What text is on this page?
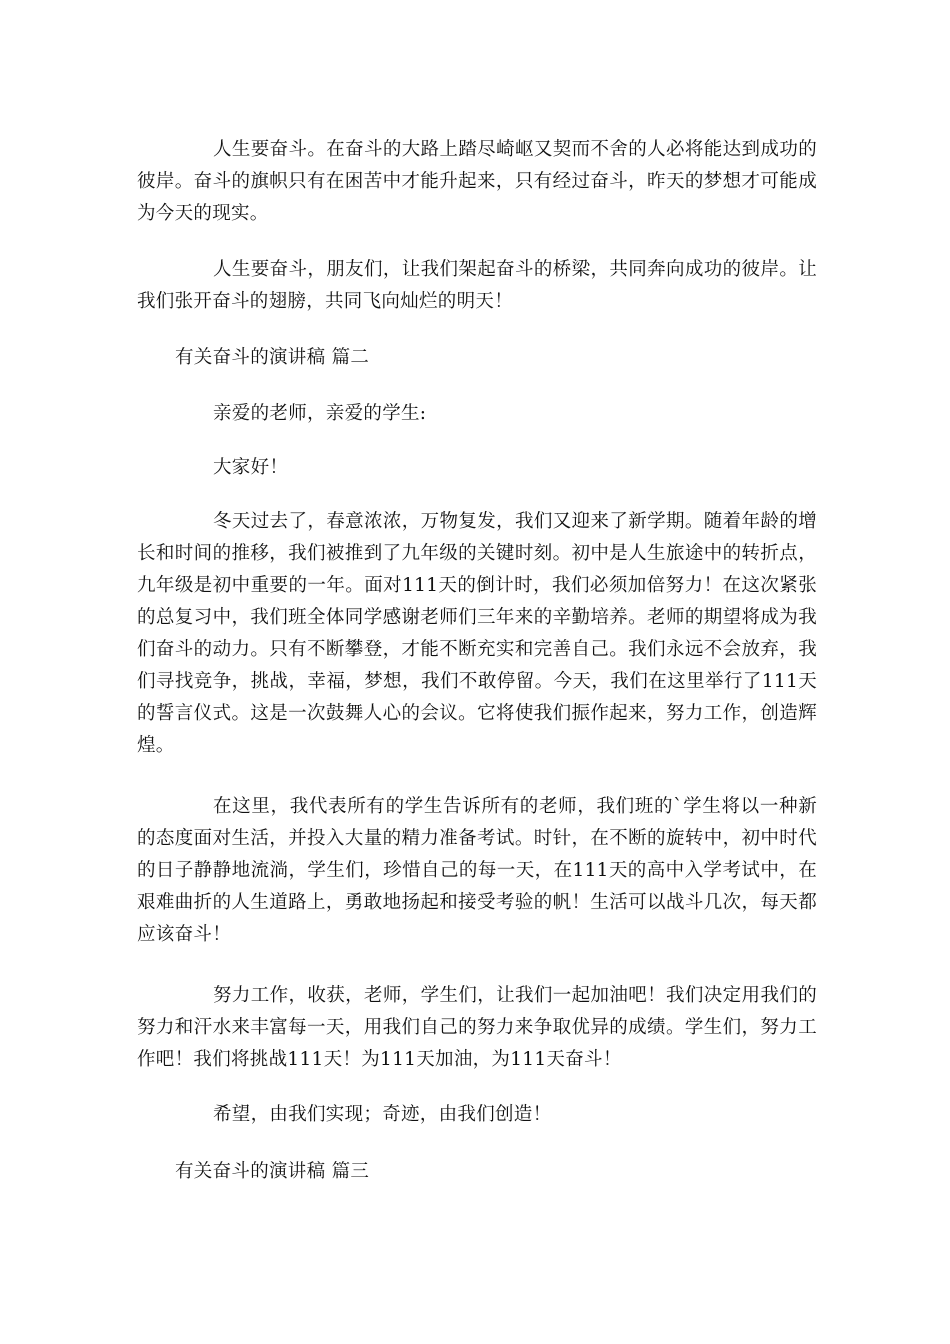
人生要奋斗。在奋斗的大路上踏尽崎岖又契而不舍的人必将能达到成功的彼岸。奋斗的旗帜只有在困苦中才能升起来，只有经过奋斗，昨天的梦想才可能成为今天的现实。

人生要奋斗，朋友们，让我们架起奋斗的桥梁，共同奔向成功的彼岸。让我们张开奋斗的翅膀，共同飞向灿烂的明天！

有关奋斗的演讲稿 篇二

亲爱的老师，亲爱的学生:

大家好！

冬天过去了，春意浓浓，万物复发，我们又迎来了新学期。随着年龄的增长和时间的推移，我们被推到了九年级的关键时刻。初中是人生旅途中的转折点，九年级是初中重要的一年。面对111天的倒计时，我们必须加倍努力！在这次紧张的总复习中，我们班全体同学感谢老师们三年来的辛勤培养。老师的期望将成为我们奋斗的动力。只有不断攀登，才能不断充实和完善自己。我们永远不会放弃，我们寻找竞争，挑战，幸福，梦想，我们不敢停留。今天，我们在这里举行了111天的誓言仪式。这是一次鼓舞人心的会议。它将使我们振作起来，努力工作，创造辉煌。

在这里，我代表所有的学生告诉所有的老师，我们班的`学生将以一种新的态度面对生活，并投入大量的精力准备考试。时针，在不断的旋转中，初中时代的日子静静地流淌，学生们，珍惜自己的每一天，在111天的高中入学考试中，在艰难曲折的人生道路上，勇敢地扬起和接受考验的帆！生活可以战斗几次，每天都应该奋斗！

努力工作，收获，老师，学生们，让我们一起加油吧！我们决定用我们的努力和汗水来丰富每一天，用我们自己的努力来争取优异的成绩。学生们，努力工作吧！我们将挑战111天！为111天加油，为111天奋斗！

希望，由我们实现；奇迹，由我们创造！

有关奋斗的演讲稿 篇三
